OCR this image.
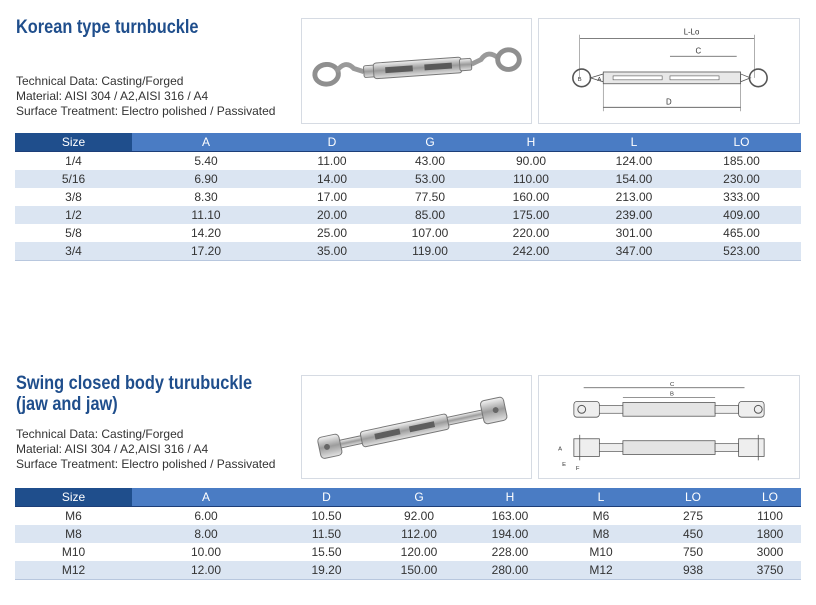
Korean type turnbuckle
Technical Data: Casting/Forged
Material: AISI 304 / A2,AISI 316 / A4
Surface Treatment: Electro polished / Passivated
L-Lo
C
B	A
D
Size	A	D	G	H	L	LO
1/4	5.40	11.00	43.00	90.00	124.00	185.00
5/16	6.90	14.00	53.00	110.00	154.00	230.00
3/8	8.30	17.00	77.50	160.00	213.00	333.00
1/2	11.10	20.00	85.00	175.00	239.00	409.00
5/8	14.20	25.00	107.00	220.00	301.00	465.00
3/4	17.20	35.00	119.00	242.00	347.00	523.00
Swing closed body turubuckle
(jaw and jaw)
Technical Data: Casting/Forged
Material: AISI 304 / A2,AISI 316 / A4
Surface Treatment: Electro polished / Passivated
C
B
A
E
F
Size	A	D	G	H	L	LO	LO
M6	6.00	10.50	92.00	163.00	M6	275	1100
M8	8.00	11.50	112.00	194.00	M8	450	1800
M10	10.00	15.50	120.00	228.00	M10	750	3000
M12	12.00	19.20	150.00	280.00	M12	938	3750
